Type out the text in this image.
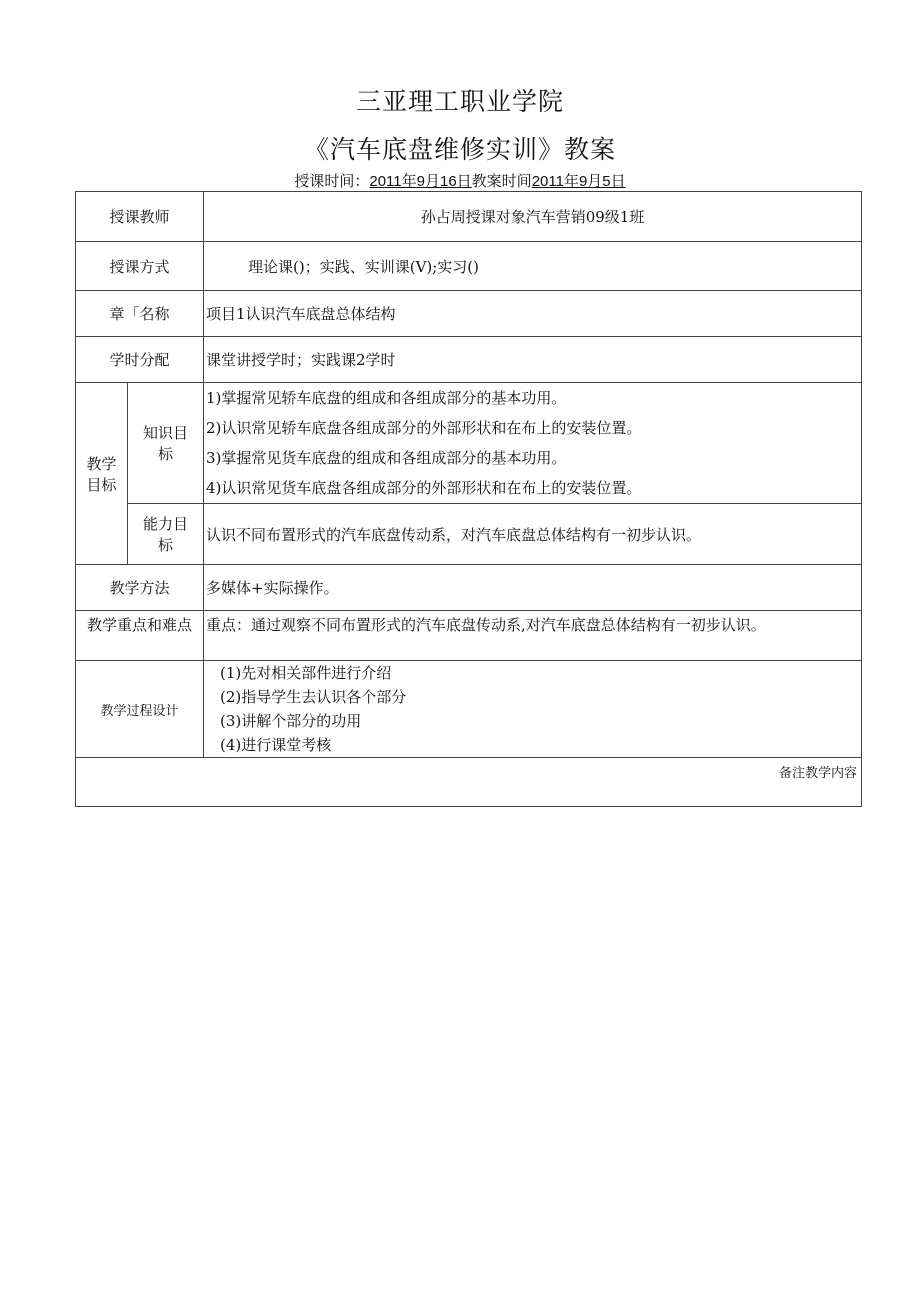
三亚理工职业学院
《汽车底盘维修实训》教案
授课时间：2011年9月16日教案时间2011年9月5日
授课教师		孙占周授课对象汽车营销09级1班
授课方式		理论课()；实践、实训课(V);实习()
章「名称		项目1认识汽车底盘总体结构
学时分配		课堂讲授学时；实践课2学时
教学目标	知识目标	1)掌握常见轿车底盘的组成和各组成部分的基本功用。
2)认识常见轿车底盘各组成部分的外部形状和在布上的安装位置。
3)掌握常见货车底盘的组成和各组成部分的基本功用。
4)认识常见货车底盘各组成部分的外部形状和在布上的安装位置。

	能力目标	认识不同布置形式的汽车底盘传动系，对汽车底盘总体结构有一初步认识。
教学方法		多媒体+实际操作。
教学重点和难点		重点：通过观察不同布置形式的汽车底盘传动系,对汽车底盘总体结构有一初步认识。
教学过程设计		(1)先对相关部件进行介绍
(2)指导学生去认识各个部分
(3)讲解个部分的功用
(4)进行课堂考核

备注教学内容		
